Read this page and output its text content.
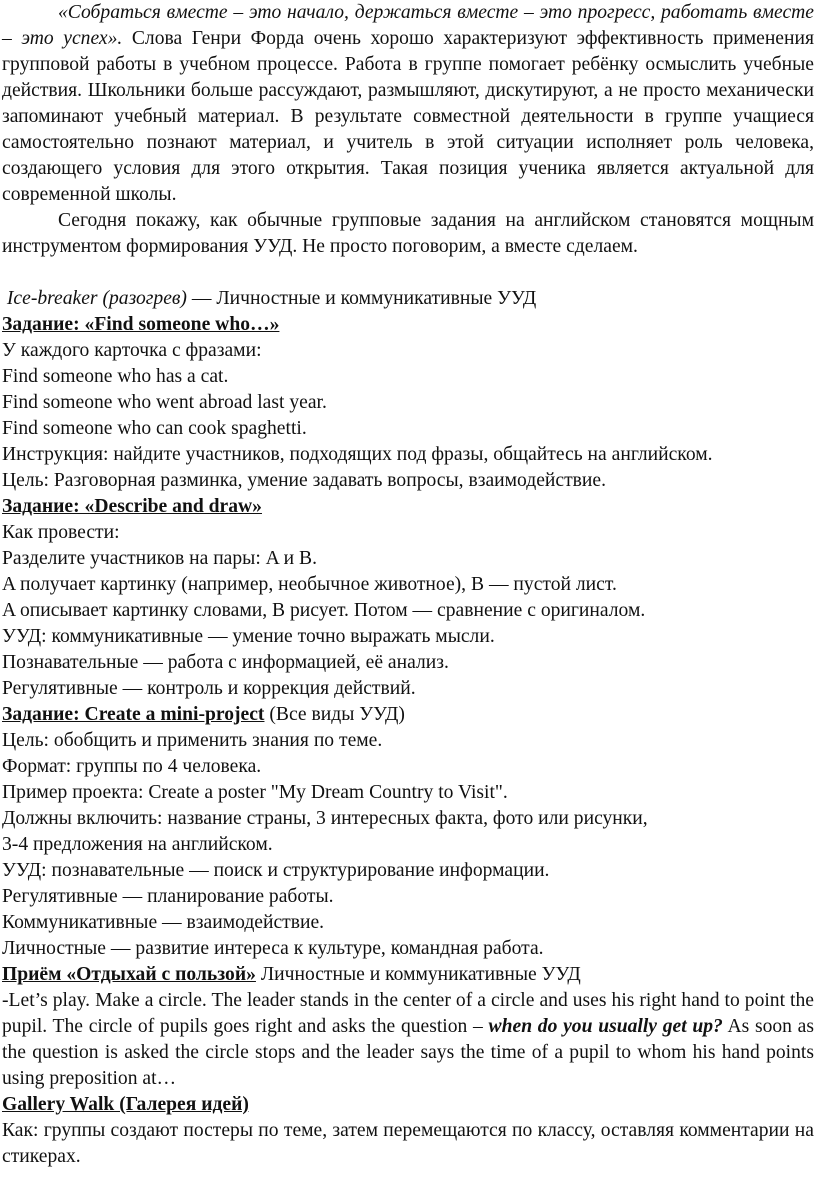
«Собраться вместе – это начало, держаться вместе – это прогресс, работать вместе – это успех». Слова Генри Форда очень хорошо характеризуют эффективность применения групповой работы в учебном процессе. Работа в группе помогает ребёнку осмыслить учебные действия. Школьники больше рассуждают, размышляют, дискутируют, а не просто механически запоминают учебный материал. В результате совместной деятельности в группе учащиеся самостоятельно познают материал, и учитель в этой ситуации исполняет роль человека, создающего условия для этого открытия. Такая позиция ученика является актуальной для современной школы.

Сегодня покажу, как обычные групповые задания на английском становятся мощным инструментом формирования УУД. Не просто поговорим, а вместе сделаем.

Ice-breaker (разогрев) — Личностные и коммуникативные УУД

Задание: «Find someone who…»

У каждого карточка с фразами:

Find someone who has a cat.

Find someone who went abroad last year.

Find someone who can cook spaghetti.

Инструкция: найдите участников, подходящих под фразы, общайтесь на английском.

Цель: Разговорная разминка, умение задавать вопросы, взаимодействие.

Задание: «Describe and draw»

Как провести:

Разделите участников на пары: A и B.

A получает картинку (например, необычное животное), B — пустой лист.

A описывает картинку словами, B рисует. Потом — сравнение с оригиналом.

УУД: коммуникативные — умение точно выражать мысли.

Познавательные — работа с информацией, её анализ.

Регулятивные — контроль и коррекция действий.

Задание: Create a mini-project (Все виды УУД)

Цель: обобщить и применить знания по теме.

Формат: группы по 4 человека.

Пример проекта: Create a poster "My Dream Country to Visit".

Должны включить: название страны, 3 интересных факта, фото или рисунки,

3-4 предложения на английском.

УУД: познавательные — поиск и структурирование информации.

Регулятивные — планирование работы.

Коммуникативные — взаимодействие.

Личностные — развитие интереса к культуре, командная работа.

Приём «Отдыхай с пользой» Личностные и коммуникативные УУД

-Let’s play. Make a circle. The leader stands in the center of a circle and uses his right hand to point the pupil. The circle of pupils goes right and asks the question – when do you usually get up? As soon as the question is asked the circle stops and the leader says the time of a pupil to whom his hand points using preposition at…

Gallery Walk (Галерея идей)

Как: группы создают постеры по теме, затем перемещаются по классу, оставляя комментарии на стикерах.
